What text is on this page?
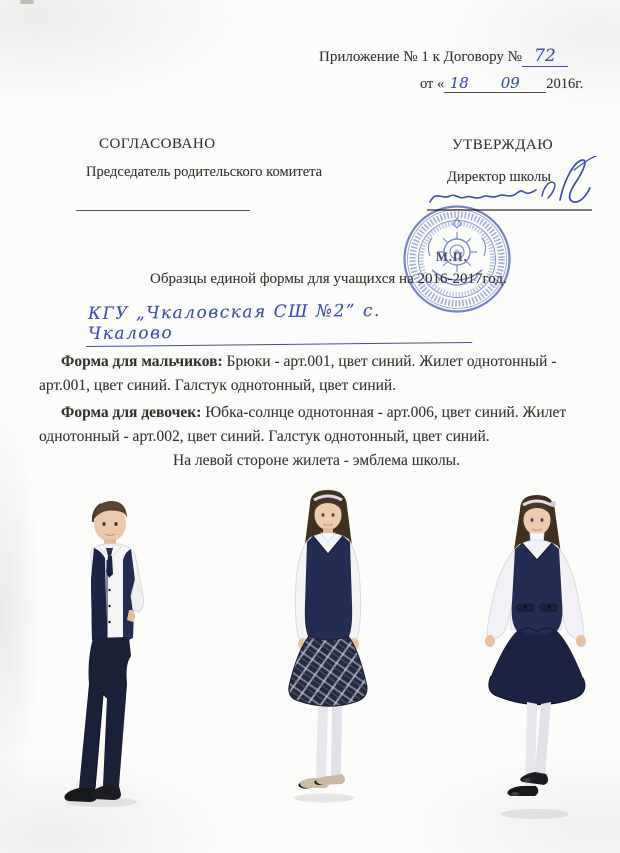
Приложение № 1 к Договору № 72
от « 18 09 2016г.
СОГЛАСОВАНО	УТВЕРЖДАЮ
Председатель родительского комитета	Директор школы
М.П.
Образцы единой формы для учащихся на 2016-2017год.
КГУ „Чкаловская СШ №2” с. Чкалово
Форма для мальчиков: Брюки - арт.001, цвет синий. Жилет однотонный - арт.001, цвет синий. Галстук однотонный, цвет синий.
Форма для девочек: Юбка-солнце однотонная - арт.006, цвет синий. Жилет однотонный - арт.002, цвет синий. Галстук однотонный, цвет синий.
На левой стороне жилета - эмблема школы.
